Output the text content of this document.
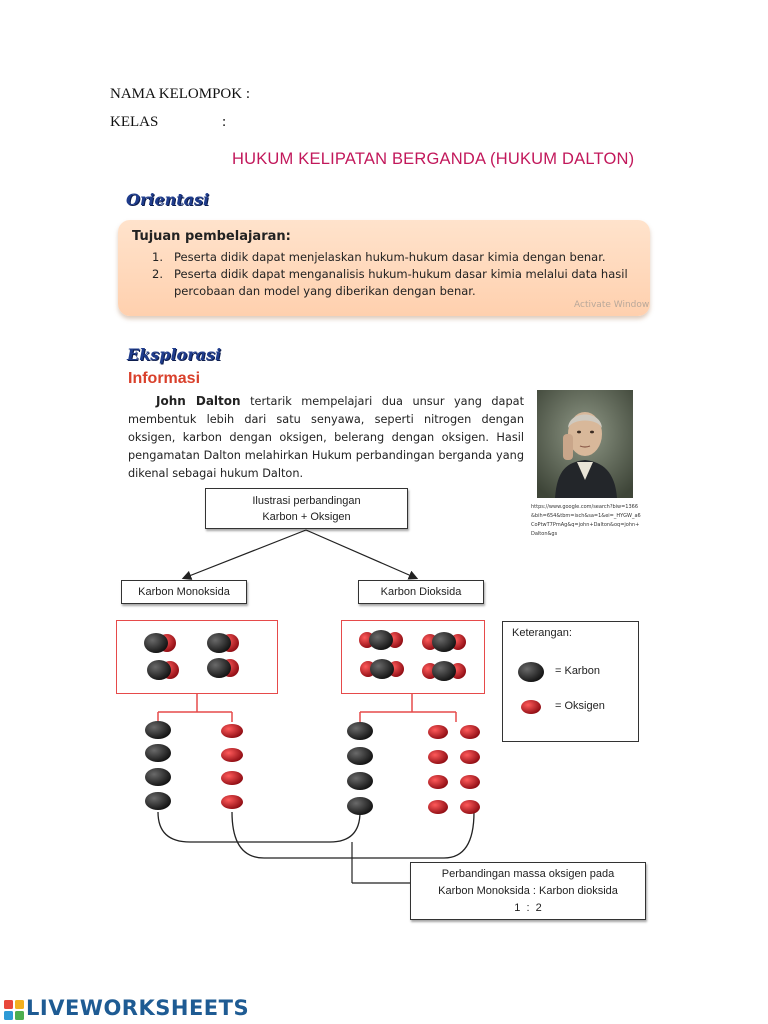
NAMA KELOMPOK :
KELAS	:
HUKUM KELIPATAN BERGANDA (HUKUM DALTON)
Orientasi
Tujuan pembelajaran:
1. Peserta didik dapat menjelaskan hukum-hukum dasar kimia dengan benar.
2. Peserta didik dapat menganalisis hukum-hukum dasar kimia melalui data hasil
percobaan dan model yang diberikan dengan benar.
Activate Window
Eksplorasi
Informasi
John Dalton tertarik mempelajari dua unsur yang dapat membentuk lebih dari satu senyawa, seperti nitrogen dengan oksigen, karbon dengan oksigen, belerang dengan oksigen. Hasil pengamatan Dalton melahirkan Hukum perbandingan berganda yang dikenal sebagai hukum Dalton.
https://www.google.com/search?biw=1366&bih=654&tbm=isch&sa=1&ei=_HYGW_a6CoPtwT7PmAg&q=john+Dalton&oq=john+Dalton&gs
Ilustrasi perbandingan
Karbon + Oksigen
Karbon Monoksida	Karbon Dioksida
Keterangan:
= Karbon
= Oksigen
Perbandingan massa oksigen pada
Karbon Monoksida : Karbon dioksida
1  :  2
LIVEWORKSHEETS
